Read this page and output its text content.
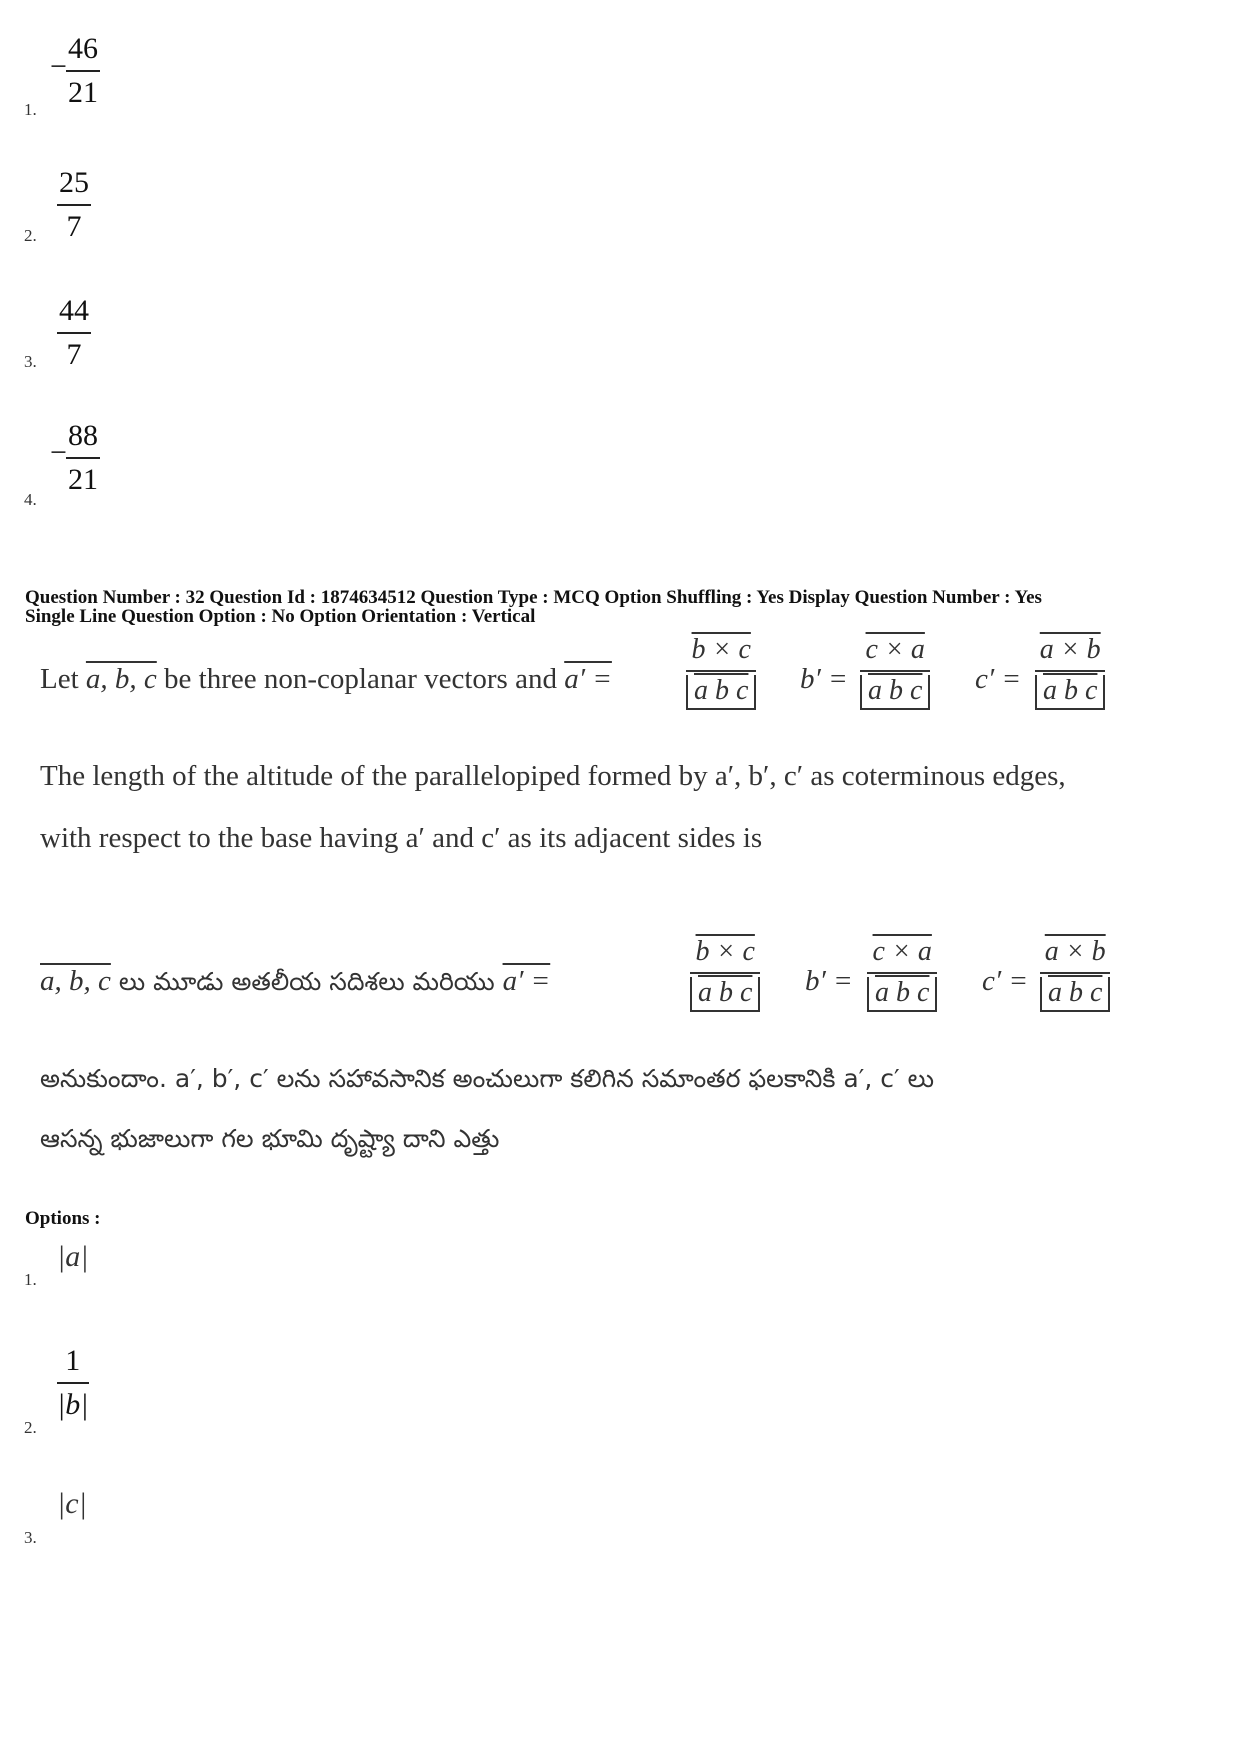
− $\frac{46}{21}$
1.
$\frac{25}{7}$
2.
$\frac{44}{7}$
3.
− $\frac{88}{21}$
4.
Question Number : 32 Question Id : 1874634512 Question Type : MCQ Option Shuffling : Yes Display Question Number : Yes
Single Line Question Option : No Option Orientation : Vertical
Let a, b, c be three non-coplanar vectors and a′ =
b × c
a b c b′ =
c × a
a b c c′ =
a × b
a b c
The length of the altitude of the parallelopiped formed by a′, b′, c′ as coterminous edges,
with respect to the base having a′ and c′ as its adjacent sides is
a, b, c లు మూడు అతలీయ సదిశలు మరియు a′ =
b × c
a b c b′ =
c × a
a b c c′ =
a × b
a b c
అనుకుందాం. a′, b′, c′ లను సహావసానిక అంచులుగా కలిగిన సమాంతర ఫలకానికి a′, c′ లు
ఆసన్న భుజాలుగా గల భూమి దృష్ట్యా దాని ఎత్తు
Options :
|a|
1.
$\frac{1}{|b|}$
2.
|c|
3.
